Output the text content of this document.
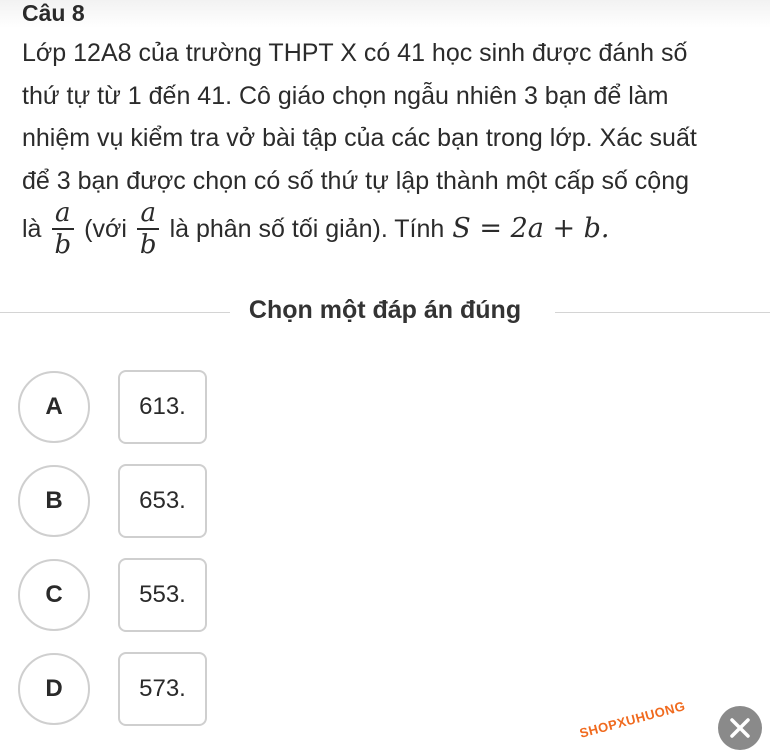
Câu 8
Lớp 12A8 của trường THPT X có 41 học sinh được đánh số
thứ tự từ 1 đến 41. Cô giáo chọn ngẫu nhiên 3 bạn để làm
nhiệm vụ kiểm tra vở bài tập của các bạn trong lớp. Xác suất
để 3 bạn được chọn có số thứ tự lập thành một cấp số cộng
là $\frac{a}{b}$ (với $\frac{a}{b}$ là phân số tối giản). Tính S = 2a + b.
Chọn một đáp án đúng
A	613.
B	653.
C	553.
D	573.
SHOPXUHUONG
